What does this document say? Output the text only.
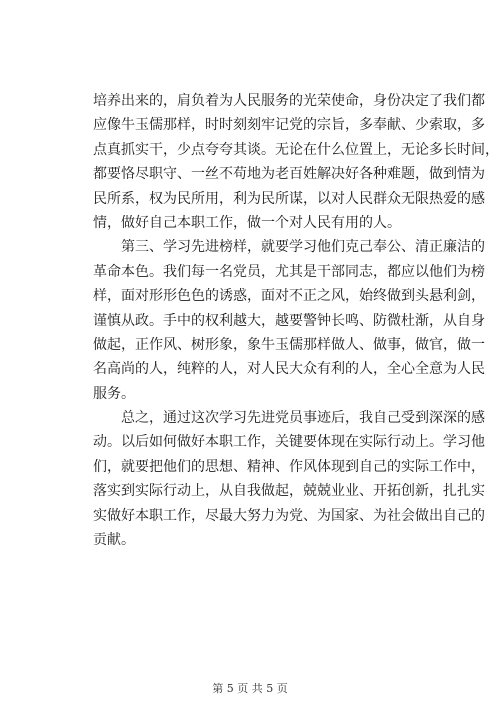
培养出来的，肩负着为人民服务的光荣使命，身份决定了我们都
应像牛玉儒那样，时时刻刻牢记党的宗旨，多奉献、少索取，多
点真抓实干，少点夸夸其谈。无论在什么位置上，无论多长时间，
都要恪尽职守、一丝不苟地为老百姓解决好各种难题，做到情为
民所系，权为民所用，利为民所谋，以对人民群众无限热爱的感
情，做好自己本职工作，做一个对人民有用的人。
第三、学习先进榜样，就要学习他们克己奉公、清正廉洁的
革命本色。我们每一名党员，尤其是干部同志，都应以他们为榜
样，面对形形色色的诱惑，面对不正之风，始终做到头悬利剑，
谨慎从政。手中的权利越大，越要警钟长鸣、防微杜渐，从自身
做起，正作风、树形象，象牛玉儒那样做人、做事，做官，做一
名高尚的人，纯粹的人，对人民大众有利的人，全心全意为人民
服务。
总之，通过这次学习先进党员事迹后，我自己受到深深的感
动。以后如何做好本职工作，关键要体现在实际行动上。学习他
们，就要把他们的思想、精神、作风体现到自己的实际工作中，
落实到实际行动上，从自我做起，兢兢业业、开拓创新，扎扎实
实做好本职工作，尽最大努力为党、为国家、为社会做出自己的
贡献。
第 5 页 共 5 页
